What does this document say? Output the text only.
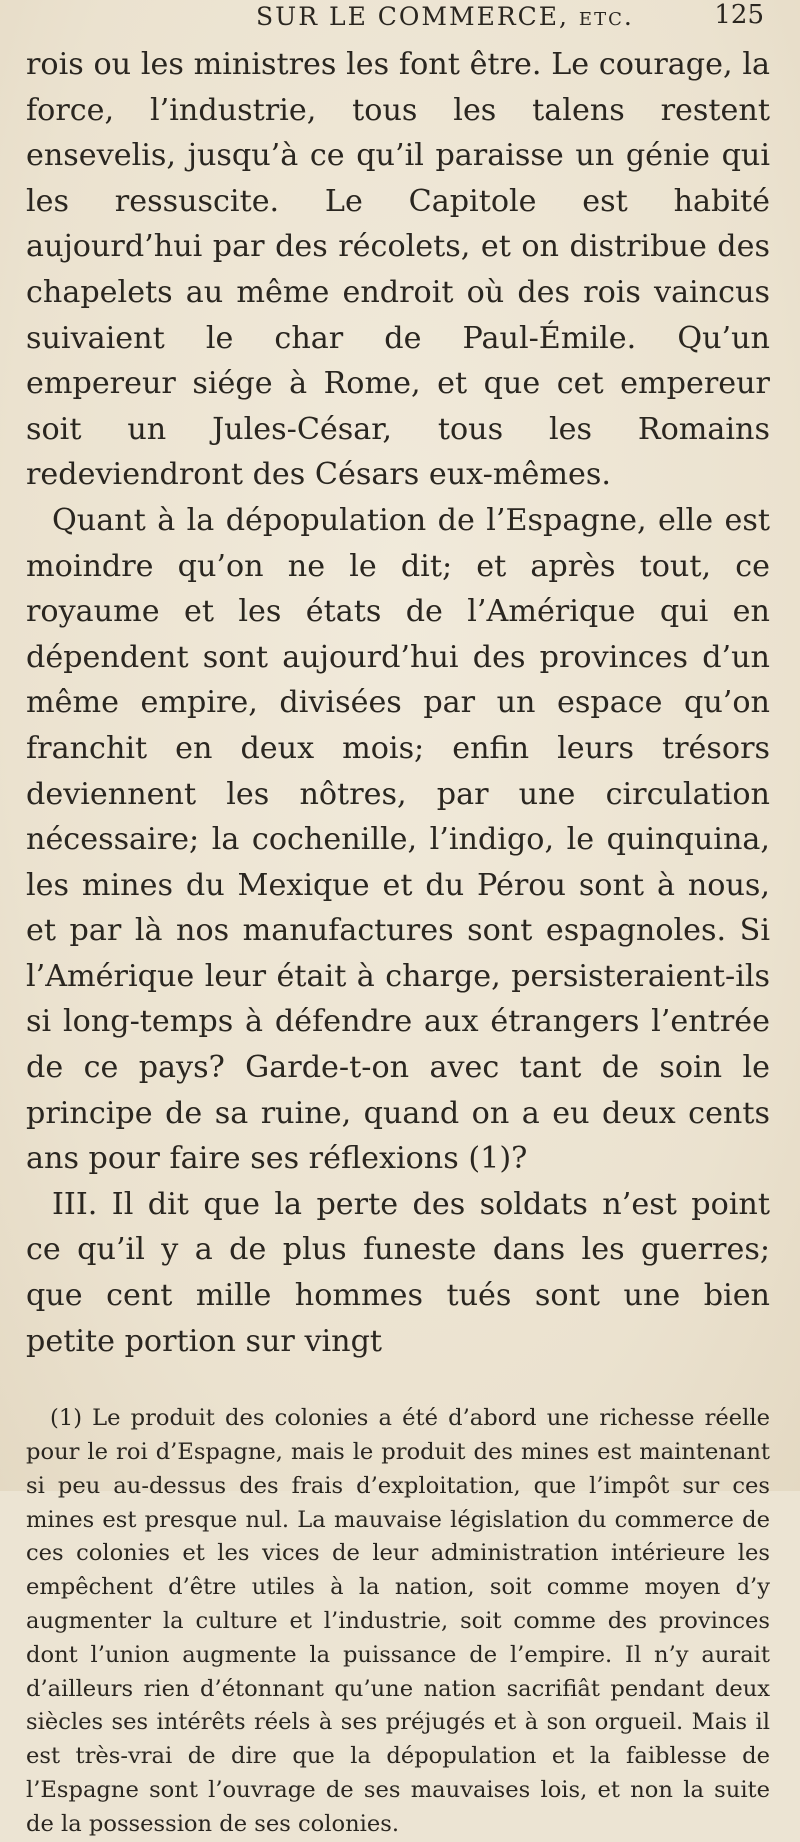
SUR LE COMMERCE, etc.	125

rois ou les ministres les font être. Le courage, la force, l’industrie, tous les talens restent ensevelis, jusqu’à ce qu’il paraisse un génie qui les ressuscite. Le Capitole est habité aujourd’hui par des récolets, et on distribue des chapelets au même endroit où des rois vaincus suivaient le char de Paul-Émile. Qu’un empereur siége à Rome, et que cet empereur soit un Jules-César, tous les Romains redeviendront des Césars eux-mêmes.

Quant à la dépopulation de l’Espagne, elle est moindre qu’on ne le dit; et après tout, ce royaume et les états de l’Amérique qui en dépendent sont aujourd’hui des provinces d’un même empire, divisées par un espace qu’on franchit en deux mois; enfin leurs trésors deviennent les nôtres, par une circulation nécessaire; la cochenille, l’indigo, le quinquina, les mines du Mexique et du Pérou sont à nous, et par là nos manufactures sont espagnoles. Si l’Amérique leur était à charge, persisteraient-ils si long-temps à défendre aux étrangers l’entrée de ce pays? Garde-t-on avec tant de soin le principe de sa ruine, quand on a eu deux cents ans pour faire ses réflexions (1)?

III. Il dit que la perte des soldats n’est point ce qu’il y a de plus funeste dans les guerres; que cent mille hommes tués sont une bien petite portion sur vingt

(1) Le produit des colonies a été d’abord une richesse réelle pour le roi d’Espagne, mais le produit des mines est maintenant si peu au-dessus des frais d’exploitation, que l’impôt sur ces mines est presque nul. La mauvaise législation du commerce de ces colonies et les vices de leur administration intérieure les empêchent d’être utiles à la nation, soit comme moyen d’y augmenter la culture et l’industrie, soit comme des provinces dont l’union augmente la puissance de l’empire. Il n’y aurait d’ailleurs rien d’étonnant qu’une nation sacrifiât pendant deux siècles ses intérêts réels à ses préjugés et à son orgueil. Mais il est très-vrai de dire que la dépopulation et la faiblesse de l’Espagne sont l’ouvrage de ses mauvaises lois, et non la suite de la possession de ses colonies.
